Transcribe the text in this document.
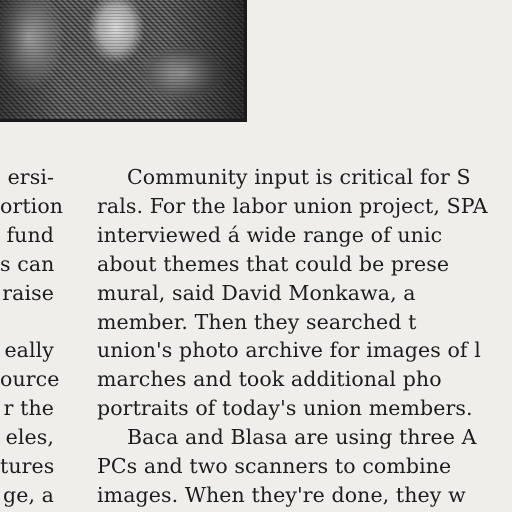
ersi-
ortion
fund
s can
raise
eally
ource
r the
eles,
tures
ge, a
Community input is critical for S
rals. For the labor union project, SPA
interviewed á wide range of unic
about themes that could be prese
mural, said David Monkawa, a
member. Then they searched t
union's photo archive for images of l
marches and took additional pho
portraits of today's union members.
Baca and Blasa are using three A
PCs and two scanners to combine
images. When they're done, they w
